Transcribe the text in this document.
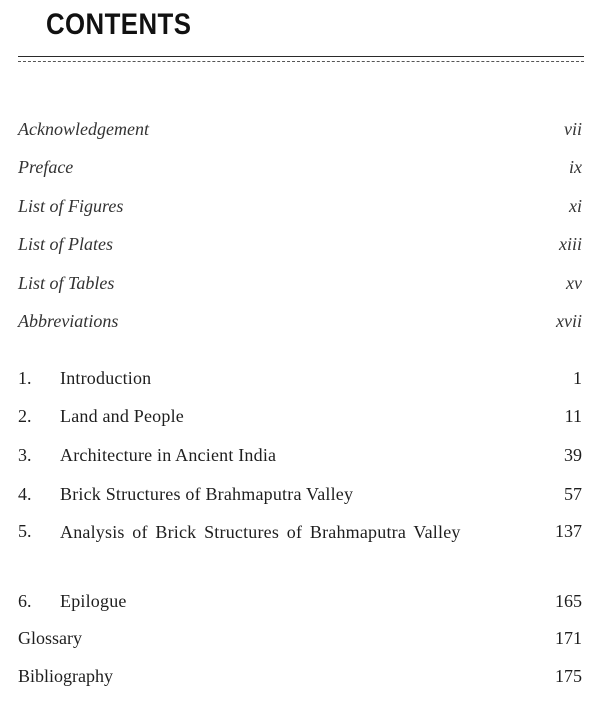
CONTENTS
Acknowledgement	vii
Preface	ix
List of Figures	xi
List of Plates	xiii
List of Tables	xv
Abbreviations	xvii
1. Introduction	1
2. Land and People	11
3. Architecture in Ancient India	39
4. Brick Structures of Brahmaputra Valley	57
5. Analysis of Brick Structures of Brahmaputra Valley	137
6. Epilogue	165
Glossary	171
Bibliography	175
